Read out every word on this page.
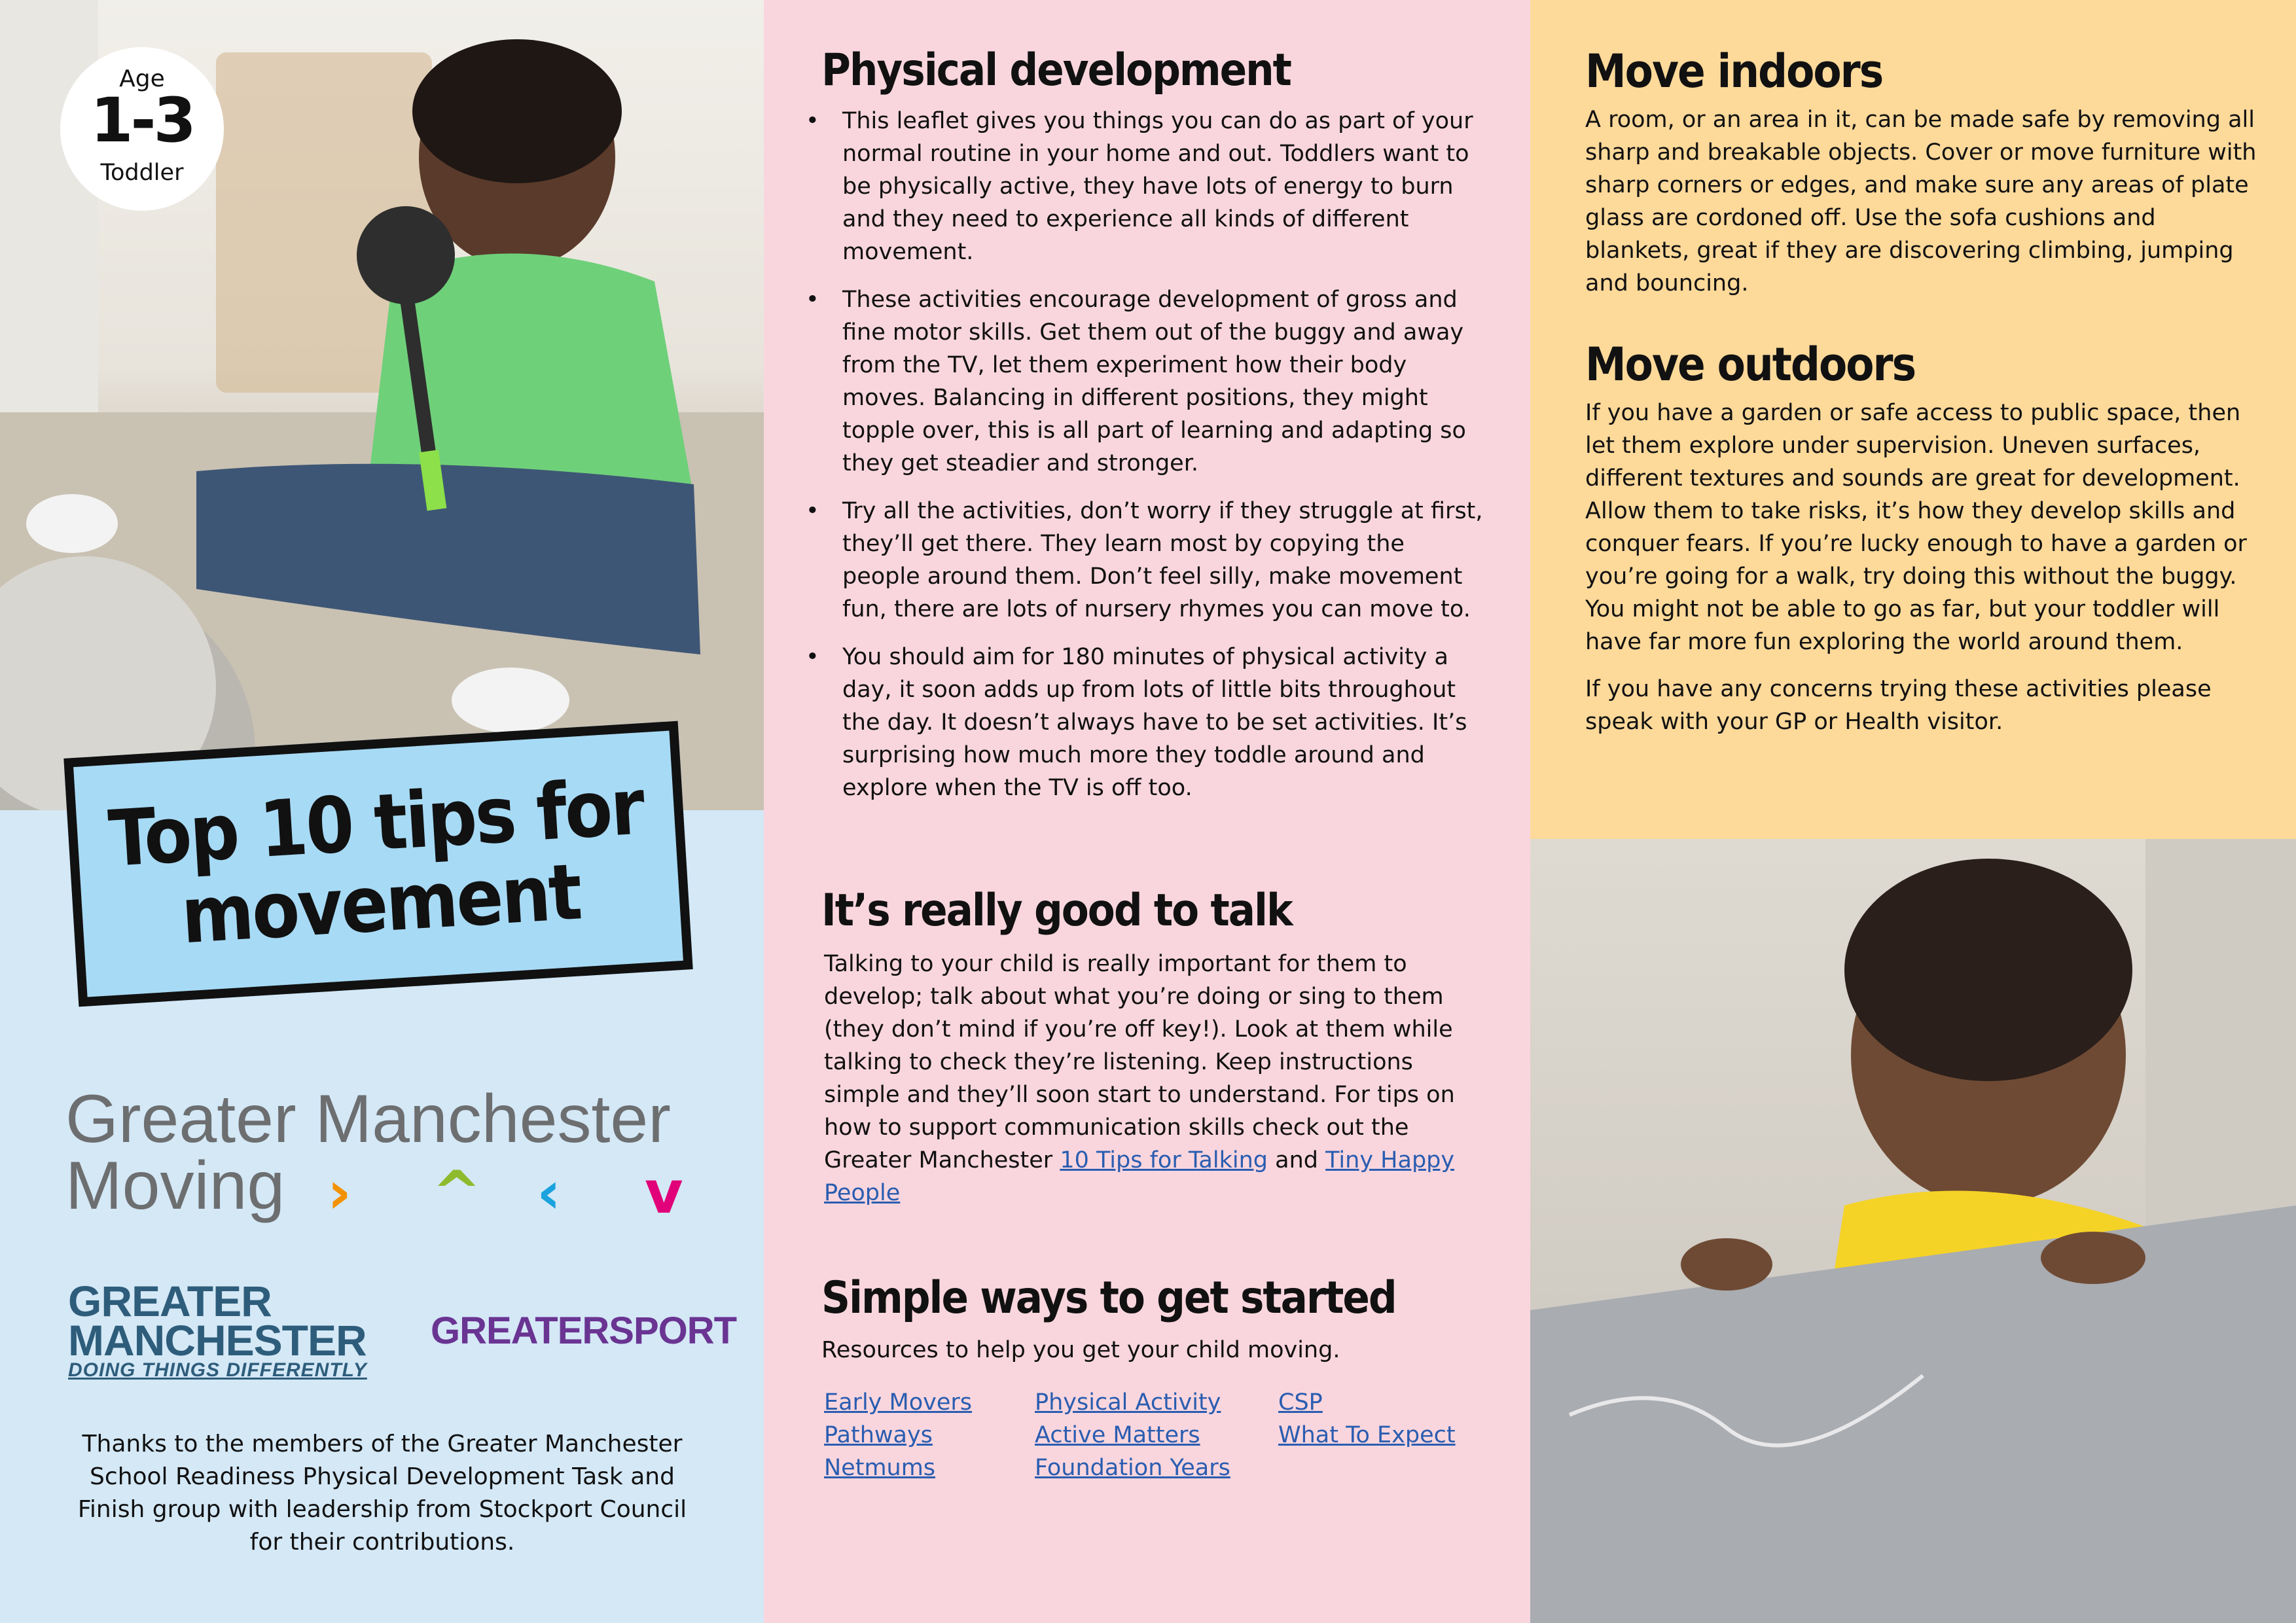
Age
1-3
Toddler
Top 10 tips for movement
Greater Manchester
Moving › ^ ‹ v
GREATER
MANCHESTER
DOING THINGS DIFFERENTLY
GREATERSPORT
Thanks to the members of the Greater Manchester School Readiness Physical Development Task and Finish group with leadership from Stockport Council for their contributions.
Physical development
• This leaflet gives you things you can do as part of your normal routine in your home and out. Toddlers want to be physically active, they have lots of energy to burn and they need to experience all kinds of different movement.
• These activities encourage development of gross and fine motor skills. Get them out of the buggy and away from the TV, let them experiment how their body moves. Balancing in different positions, they might topple over, this is all part of learning and adapting so they get steadier and stronger.
• Try all the activities, don’t worry if they struggle at first, they’ll get there. They learn most by copying the people around them. Don’t feel silly, make movement fun, there are lots of nursery rhymes you can move to.
• You should aim for 180 minutes of physical activity a day, it soon adds up from lots of little bits throughout the day. It doesn’t always have to be set activities. It’s surprising how much more they toddle around and explore when the TV is off too.
It’s really good to talk

Talking to your child is really important for them to develop; talk about what you’re doing or sing to them (they don’t mind if you’re off key!). Look at them while talking to check they’re listening. Keep instructions simple and they’ll soon start to understand. For tips on how to support communication skills check out the Greater Manchester 10 Tips for Talking and Tiny Happy People

Simple ways to get started

Resources to help you get your child moving.

Early Movers
Pathways
Netmums
Physical Activity
Active Matters
Foundation Years
CSP
What To Expect
Move indoors

A room, or an area in it, can be made safe by removing all sharp and breakable objects. Cover or move furniture with sharp corners or edges, and make sure any areas of plate glass are cordoned off. Use the sofa cushions and blankets, great if they are discovering climbing, jumping and bouncing.

Move outdoors

If you have a garden or safe access to public space, then let them explore under supervision. Uneven surfaces, different textures and sounds are great for development. Allow them to take risks, it’s how they develop skills and conquer fears. If you’re lucky enough to have a garden or you’re going for a walk, try doing this without the buggy. You might not be able to go as far, but your toddler will have far more fun exploring the world around them.

If you have any concerns trying these activities please speak with your GP or Health visitor.
